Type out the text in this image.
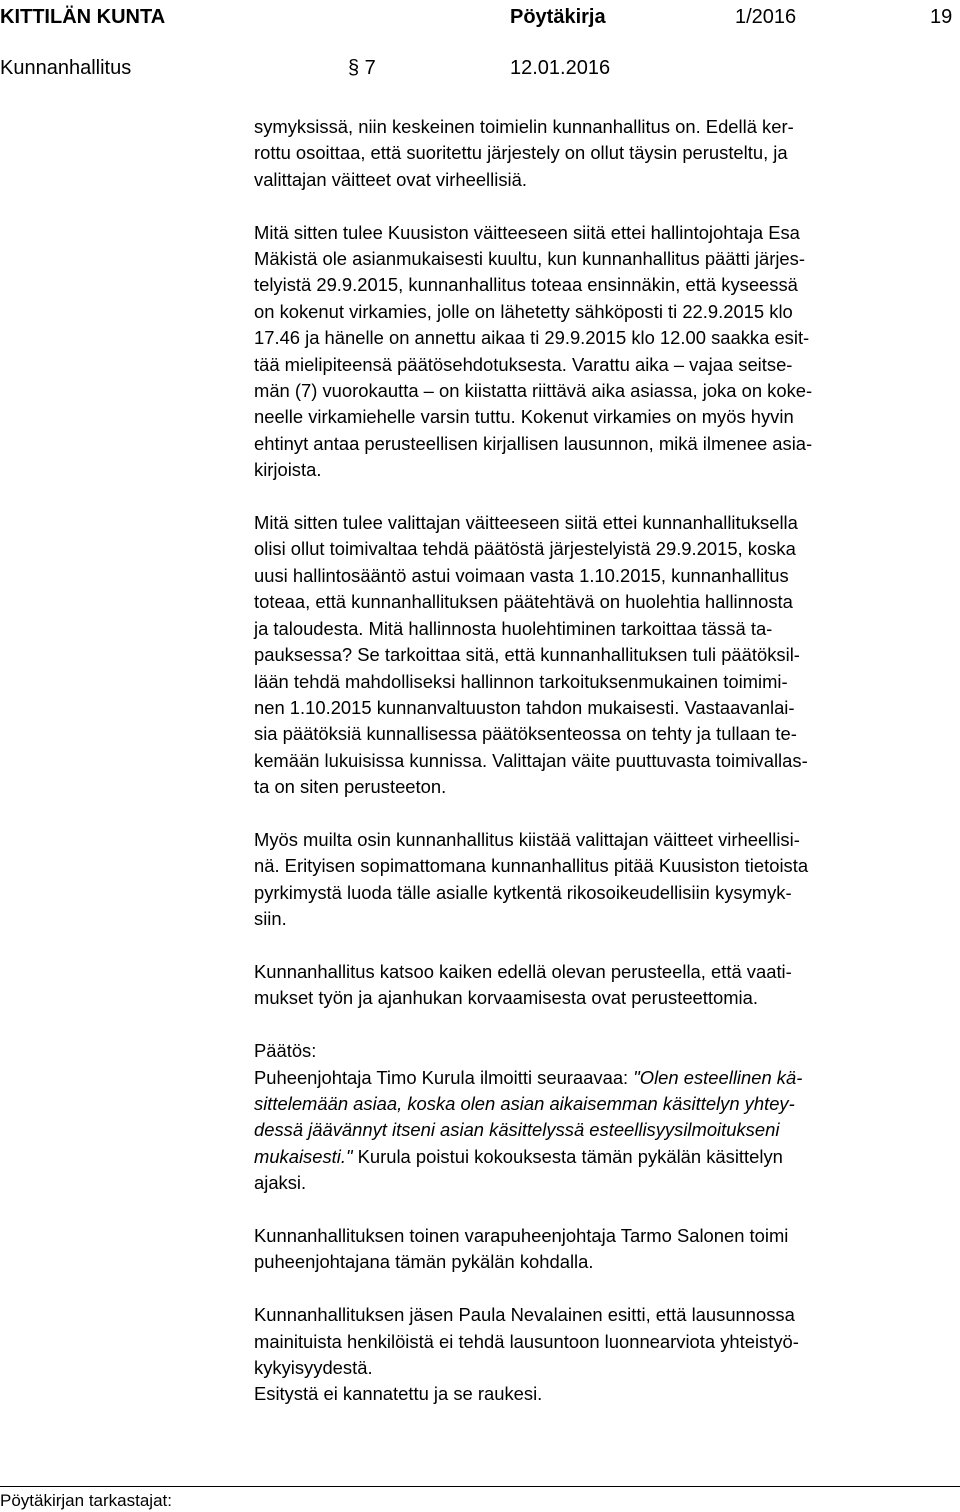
KITTILÄN KUNTA	Pöytäkirja	1/2016	19
Kunnanhallitus	§ 7	12.01.2016
symyksissä, niin keskeinen toimielin kunnanhallitus on. Edellä ker-
rottu osoittaa, että suoritettu järjestely on ollut täysin perusteltu, ja
valittajan väitteet ovat virheellisiä.
Mitä sitten tulee Kuusiston väitteeseen siitä ettei hallintojohtaja Esa
Mäkistä ole asianmukaisesti kuultu, kun kunnanhallitus päätti järjes-
telyistä 29.9.2015, kunnanhallitus toteaa ensinnäkin, että kyseessä
on kokenut virkamies, jolle on lähetetty sähköposti ti 22.9.2015 klo
17.46 ja hänelle on annettu aikaa ti 29.9.2015 klo 12.00 saakka esit-
tää mielipiteensä päätösehdotuksesta. Varattu aika – vajaa seitse-
män (7) vuorokautta – on kiistatta riittävä aika asiassa, joka on koke-
neelle virkamiehelle varsin tuttu. Kokenut virkamies on myös hyvin
ehtinyt antaa perusteellisen kirjallisen lausunnon, mikä ilmenee asia-
kirjoista.
Mitä sitten tulee valittajan väitteeseen siitä ettei kunnanhallituksella
olisi ollut toimivaltaa tehdä päätöstä järjestelyistä 29.9.2015, koska
uusi hallintosääntö astui voimaan vasta 1.10.2015, kunnanhallitus
toteaa, että kunnanhallituksen päätehtävä on huolehtia hallinnosta
ja taloudesta. Mitä hallinnosta huolehtiminen tarkoittaa tässä ta-
pauksessa? Se tarkoittaa sitä, että kunnanhallituksen tuli päätöksil-
lään tehdä mahdolliseksi hallinnon tarkoituksenmukainen toimimi-
nen 1.10.2015 kunnanvaltuuston tahdon mukaisesti. Vastaavanlai-
sia päätöksiä kunnallisessa päätöksenteossa on tehty ja tullaan te-
kemään lukuisissa kunnissa. Valittajan väite puuttuvasta toimivallas-
ta on siten perusteeton.
Myös muilta osin kunnanhallitus kiistää valittajan väitteet virheellisi-
nä. Erityisen sopimattomana kunnanhallitus pitää Kuusiston tietoista
pyrkimystä luoda tälle asialle kytkentä rikosoikeudellisiin kysymyk-
siin.
Kunnanhallitus katsoo kaiken edellä olevan perusteella, että vaati-
mukset työn ja ajanhukan korvaamisesta ovat perusteettomia.
Päätös:
Puheenjohtaja Timo Kurula ilmoitti seuraavaa: "Olen esteellinen kä-
sittelemään asiaa, koska olen asian aikaisemman käsittelyn yhtey-
dessä jäävännyt itseni asian käsittelyssä esteellisyysilmoitukseni
mukaisesti." Kurula poistui kokouksesta tämän pykälän käsittelyn
ajaksi.
Kunnanhallituksen toinen varapuheenjohtaja Tarmo Salonen toimi
puheenjohtajana tämän pykälän kohdalla.
Kunnanhallituksen jäsen Paula Nevalainen esitti, että lausunnossa
mainituista henkilöistä ei tehdä lausuntoon luonnearviota yhteistyö-
kykyisyydestä.
Esitystä ei kannatettu ja se raukesi.
Pöytäkirjan tarkastajat:
